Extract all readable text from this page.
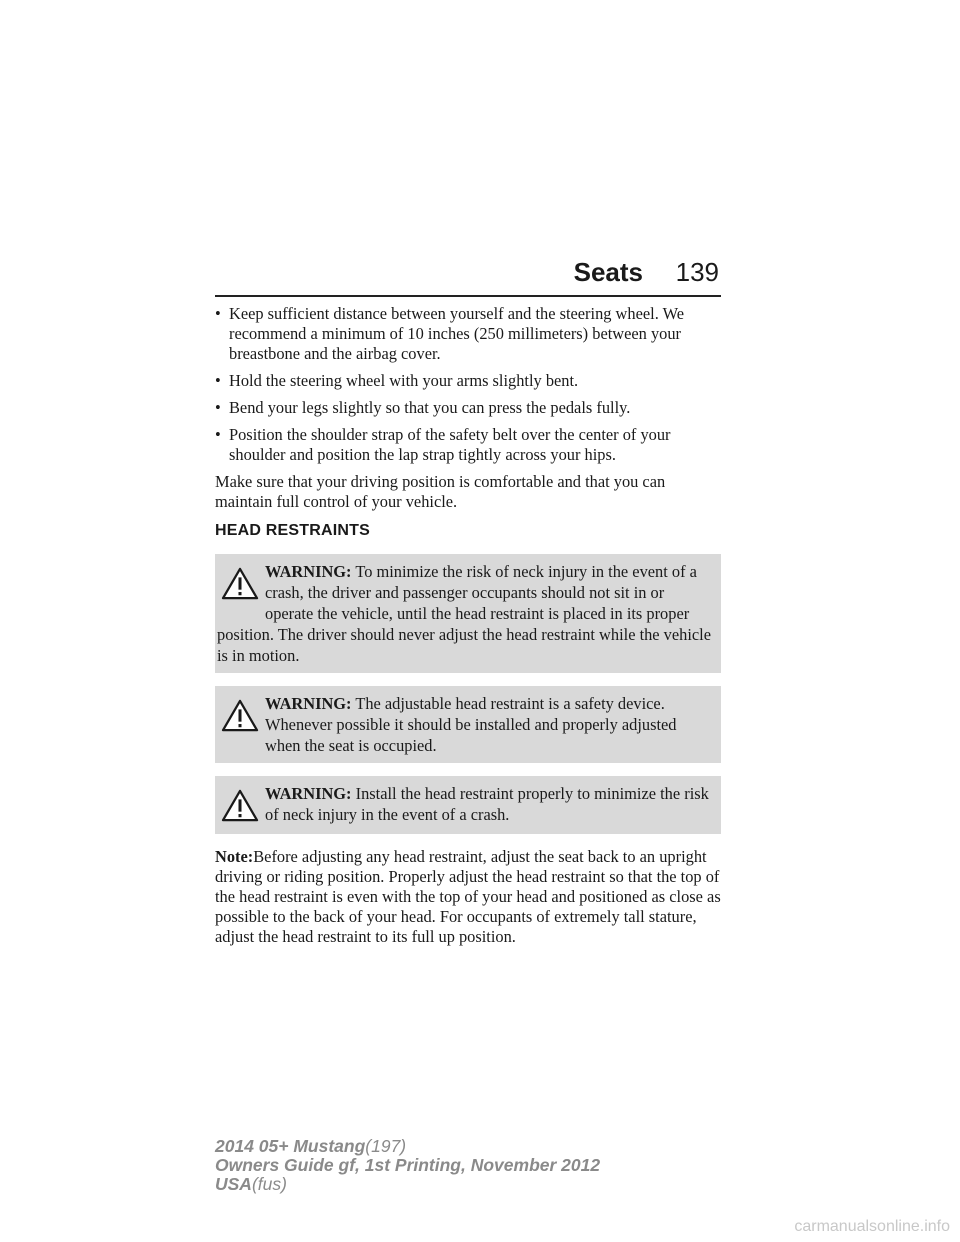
Seats 139
• Keep sufficient distance between yourself and the steering wheel. We recommend a minimum of 10 inches (250 millimeters) between your breastbone and the airbag cover.
• Hold the steering wheel with your arms slightly bent.
• Bend your legs slightly so that you can press the pedals fully.
• Position the shoulder strap of the safety belt over the center of your shoulder and position the lap strap tightly across your hips.

Make sure that your driving position is comfortable and that you can maintain full control of your vehicle.

HEAD RESTRAINTS
WARNING: To minimize the risk of neck injury in the event of a crash, the driver and passenger occupants should not sit in or operate the vehicle, until the head restraint is placed in its proper position. The driver should never adjust the head restraint while the vehicle is in motion.
WARNING: The adjustable head restraint is a safety device. Whenever possible it should be installed and properly adjusted when the seat is occupied.
WARNING: Install the head restraint properly to minimize the risk of neck injury in the event of a crash.

Note:Before adjusting any head restraint, adjust the seat back to an upright driving or riding position. Properly adjust the head restraint so that the top of the head restraint is even with the top of your head and positioned as close as possible to the back of your head. For occupants of extremely tall stature, adjust the head restraint to its full up position.

2014 05+ Mustang(197)
Owners Guide gf, 1st Printing, November 2012
USA(fus)
carmanualsonline.info
